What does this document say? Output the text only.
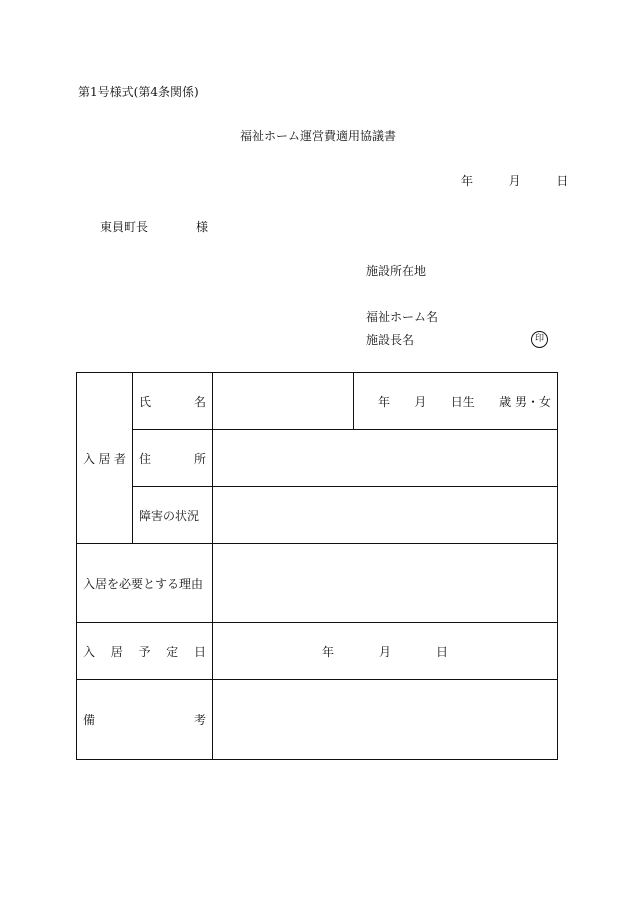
第1号様式(第4条関係)
福祉ホーム運営費適用協議書
年	月	日
東員町長	様
施設所在地
福祉ホーム名
施設長名	印
入 居 者	氏 名		年 月 日生 歳 男・女

	住 所		

	障害の状況		

入居を必要とする理由			

入 居 予 定 日		年 月 日	

備 考			
